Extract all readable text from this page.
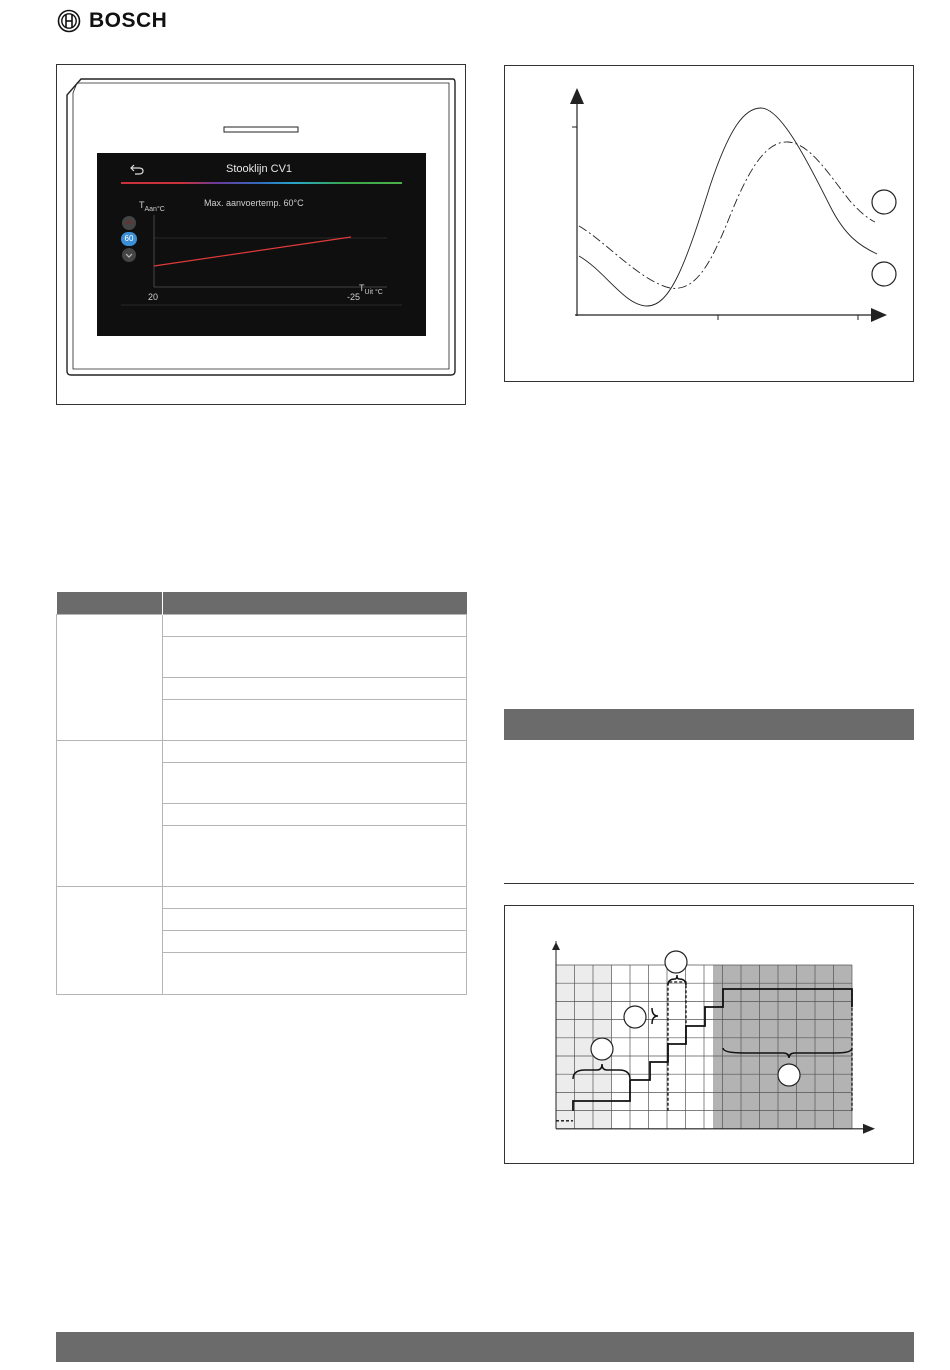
BOSCH
Stooklijn CV1
Max. aanvoertemp. 60°C
$T_{Aan^\circ C}$
60
20	-25
$T_{Uit ^\circ C}$
